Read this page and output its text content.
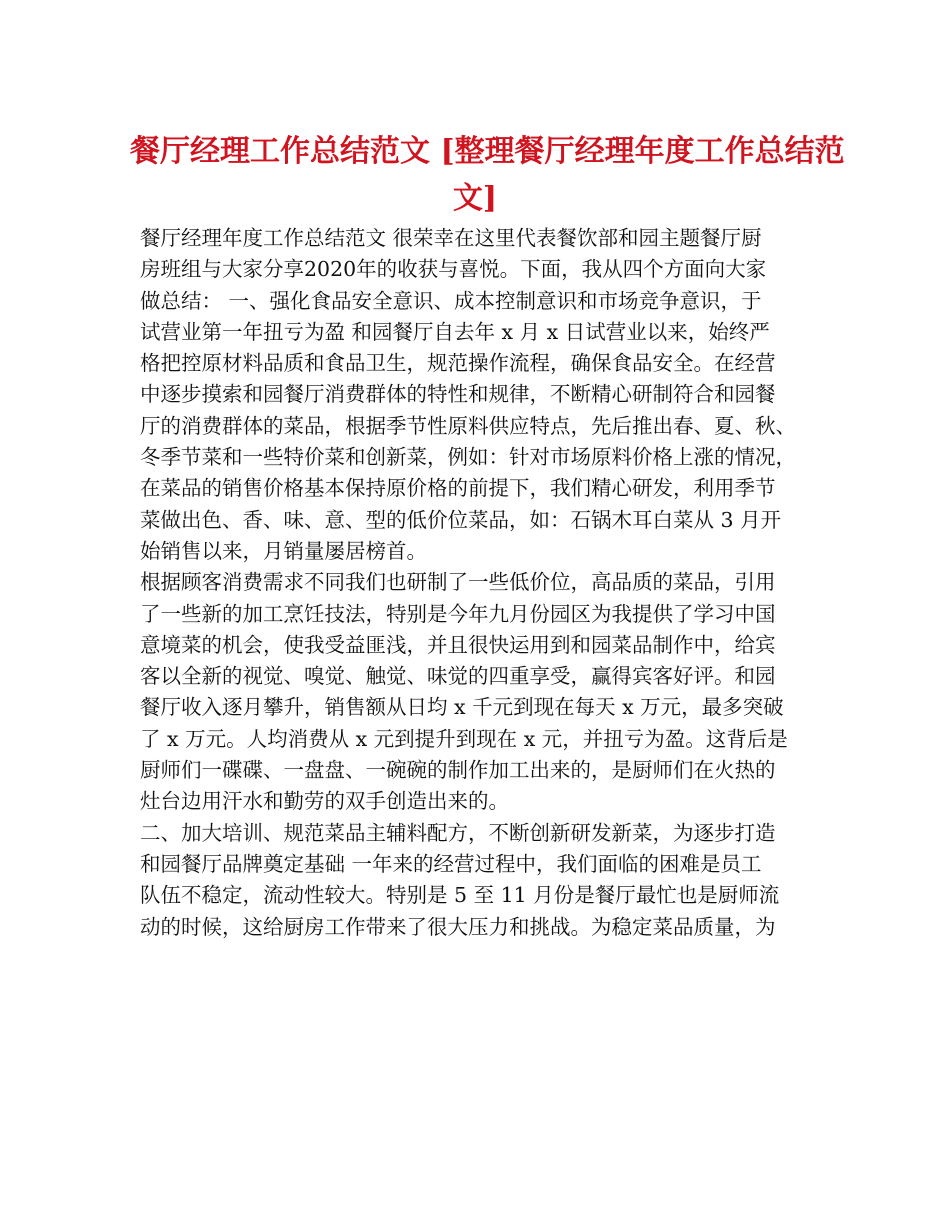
餐厅经理工作总结范文 [整理餐厅经理年度工作总结范
文]
餐厅经理年度工作总结范文 很荣幸在这里代表餐饮部和园主题餐厅厨
房班组与大家分享2020年的收获与喜悦。下面，我从四个方面向大家
做总结： 一、强化食品安全意识、成本控制意识和市场竞争意识，于
试营业第一年扭亏为盈 和园餐厅自去年 x 月 x 日试营业以来，始终严
格把控原材料品质和食品卫生，规范操作流程，确保食品安全。在经营
中逐步摸索和园餐厅消费群体的特性和规律，不断精心研制符合和园餐
厅的消费群体的菜品，根据季节性原料供应特点，先后推出春、夏、秋、
冬季节菜和一些特价菜和创新菜，例如：针对市场原料价格上涨的情况，
在菜品的销售价格基本保持原价格的前提下，我们精心研发，利用季节
菜做出色、香、味、意、型的低价位菜品，如：石锅木耳白菜从 3 月开
始销售以来，月销量屡居榜首。
根据顾客消费需求不同我们也研制了一些低价位，高品质的菜品，引用
了一些新的加工烹饪技法，特别是今年九月份园区为我提供了学习中国
意境菜的机会，使我受益匪浅，并且很快运用到和园菜品制作中，给宾
客以全新的视觉、嗅觉、触觉、味觉的四重享受，赢得宾客好评。和园
餐厅收入逐月攀升，销售额从日均 x 千元到现在每天 x 万元，最多突破
了 x 万元。人均消费从 x 元到提升到现在 x 元，并扭亏为盈。这背后是
厨师们一碟碟、一盘盘、一碗碗的制作加工出来的，是厨师们在火热的
灶台边用汗水和勤劳的双手创造出来的。
二、加大培训、规范菜品主辅料配方，不断创新研发新菜，为逐步打造
和园餐厅品牌奠定基础 一年来的经营过程中，我们面临的困难是员工
队伍不稳定，流动性较大。特别是 5 至 11 月份是餐厅最忙也是厨师流
动的时候，这给厨房工作带来了很大压力和挑战。为稳定菜品质量，为
